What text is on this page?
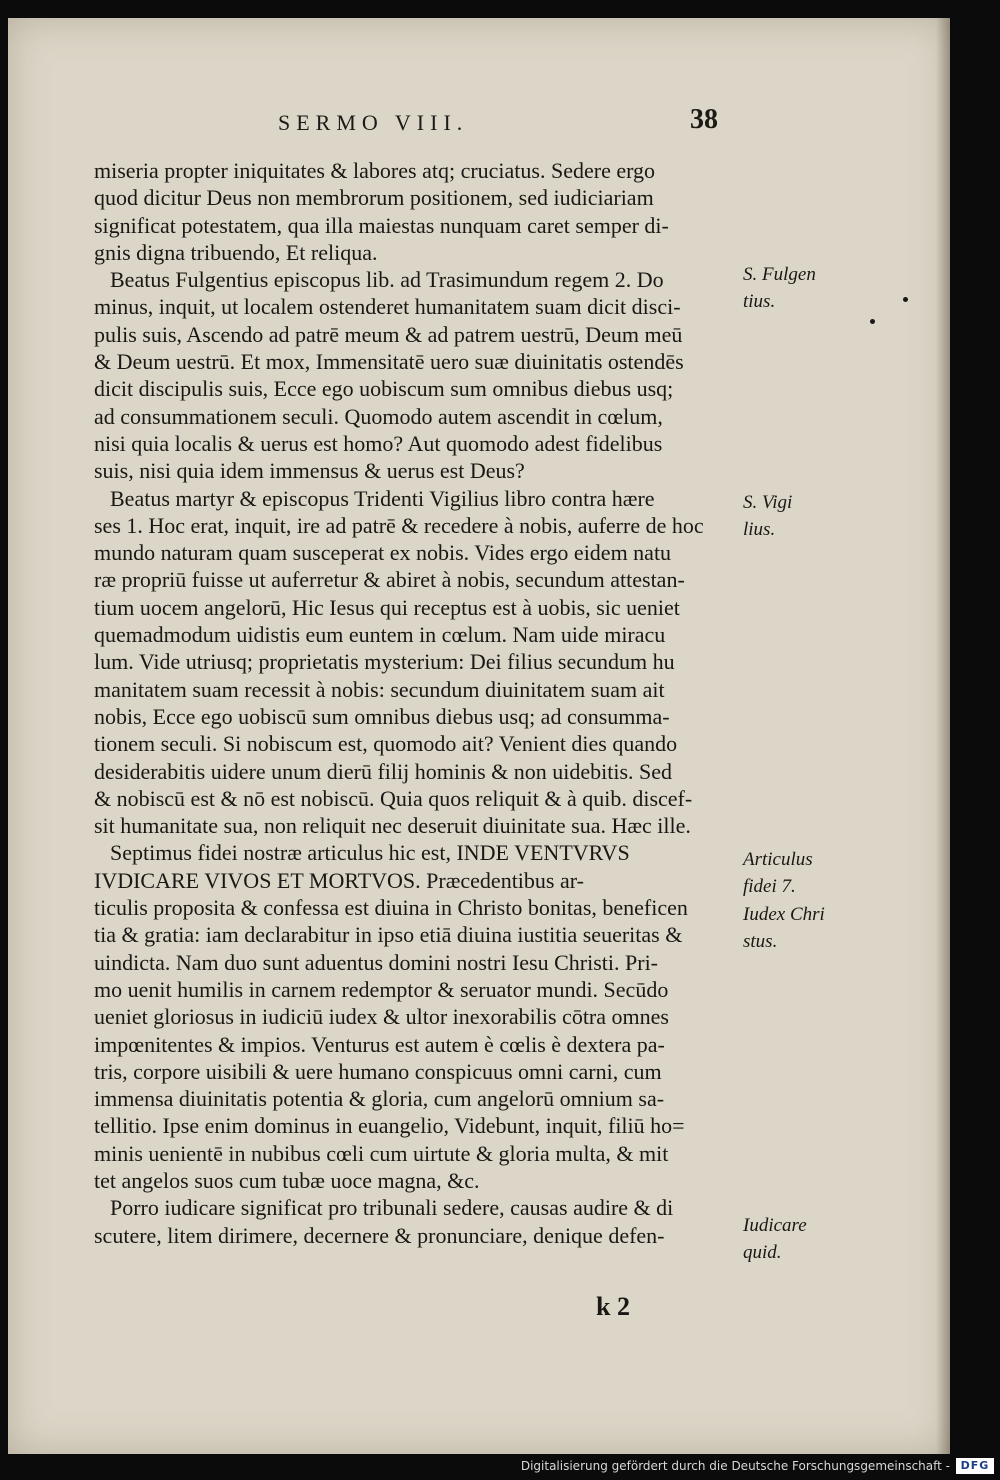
SERMO VIII.	38
miseria propter iniquitates & labores atq; cruciatus. Sedere ergo
quod dicitur Deus non membrorum positionem, sed iudiciariam
significat potestatem, qua illa maiestas nunquam caret semper di-
gnis digna tribuendo, Et reliqua.
Beatus Fulgentius episcopus lib. ad Trasimundum regem 2. Do
minus, inquit, ut localem ostenderet humanitatem suam dicit disci-
pulis suis, Ascendo ad patrē meum & ad patrem uestrū, Deum meū
& Deum uestrū. Et mox, Immensitatē uero suæ diuinitatis ostendēs
dicit discipulis suis, Ecce ego uobiscum sum omnibus diebus usq;
ad consummationem seculi. Quomodo autem ascendit in cœlum,
nisi quia localis & uerus est homo? Aut quomodo adest fidelibus
suis, nisi quia idem immensus & uerus est Deus?
Beatus martyr & episcopus Tridenti Vigilius libro contra hære
ses 1. Hoc erat, inquit, ire ad patrē & recedere à nobis, auferre de hoc
mundo naturam quam susceperat ex nobis. Vides ergo eidem natu
ræ propriū fuisse ut auferretur & abiret à nobis, secundum attestan-
tium uocem angelorū, Hic Iesus qui receptus est à uobis, sic ueniet
quemadmodum uidistis eum euntem in cœlum. Nam uide miracu
lum. Vide utriusq; proprietatis mysterium: Dei filius secundum hu
manitatem suam recessit à nobis: secundum diuinitatem suam ait
nobis, Ecce ego uobiscū sum omnibus diebus usq; ad consumma-
tionem seculi. Si nobiscum est, quomodo ait? Venient dies quando
desiderabitis uidere unum dierū filij hominis & non uidebitis. Sed
& nobiscū est & nō est nobiscū. Quia quos reliquit & à quib. discef-
sit humanitate sua, non reliquit nec deseruit diuinitate sua. Hæc ille.
Septimus fidei nostræ articulus hic est, INDE VENTVRVS
IVDICARE VIVOS ET MORTVOS. Præcedentibus ar-
ticulis proposita & confessa est diuina in Christo bonitas, beneficen
tia & gratia: iam declarabitur in ipso etiā diuina iustitia seueritas &
uindicta. Nam duo sunt aduentus domini nostri Iesu Christi. Pri-
mo uenit humilis in carnem redemptor & seruator mundi. Secūdo
ueniet gloriosus in iudiciū iudex & ultor inexorabilis cōtra omnes
impœnitentes & impios. Venturus est autem è cœlis è dextera pa-
tris, corpore uisibili & uere humano conspicuus omni carni, cum
immensa diuinitatis potentia & gloria, cum angelorū omnium sa-
tellitio. Ipse enim dominus in euangelio, Videbunt, inquit, filiū ho=
minis uenientē in nubibus cœli cum uirtute & gloria multa, & mit
tet angelos suos cum tubæ uoce magna, &c.
Porro iudicare significat pro tribunali sedere, causas audire & di
scutere, litem dirimere, decernere & pronunciare, denique defen-
S. Fulgen
tius.
S. Vigi
lius.
Articulus
fidei 7.
Iudex Chri
stus.
Iudicare
quid.
k 2
Digitalisierung gefördert durch die Deutsche Forschungsgemeinschaft - DFG
